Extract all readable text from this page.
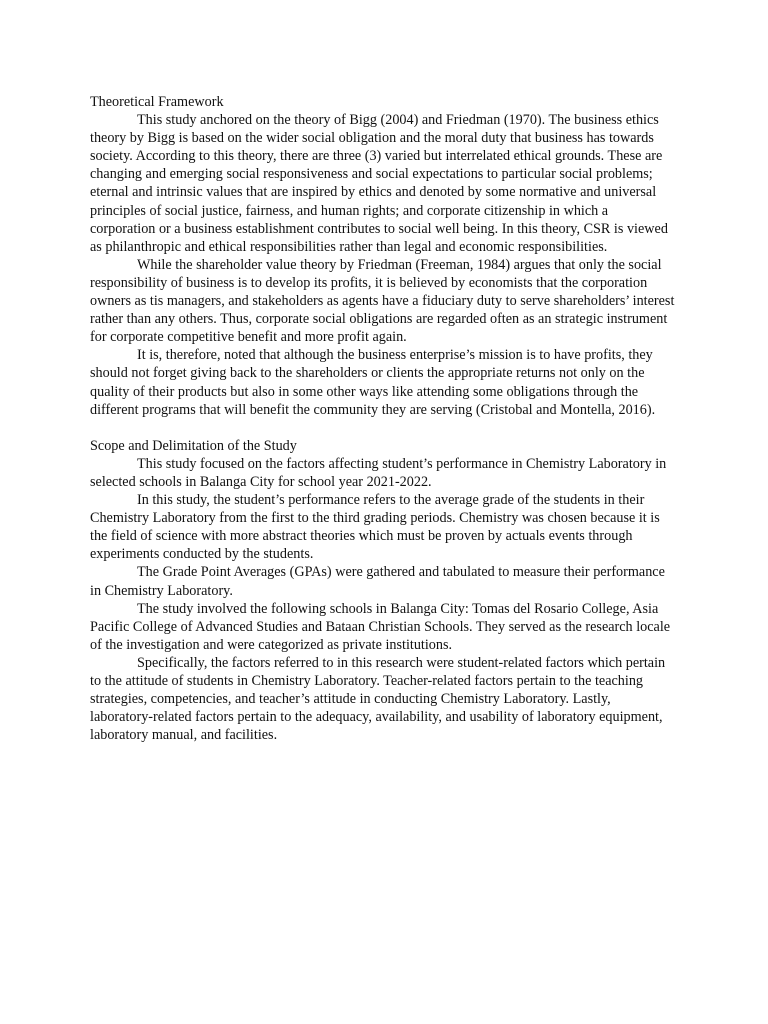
Theoretical Framework

This study anchored on the theory of Bigg (2004) and Friedman (1970). The business ethics theory by Bigg is based on the wider social obligation and the moral duty that business has towards society. According to this theory, there are three (3) varied but interrelated ethical grounds. These are changing and emerging social responsiveness and social expectations to particular social problems; eternal and intrinsic values that are inspired by ethics and denoted by some normative and universal principles of social justice, fairness, and human rights; and corporate citizenship in which a corporation or a business establishment contributes to social well being. In this theory, CSR is viewed as philanthropic and ethical responsibilities rather than legal and economic responsibilities.

While the shareholder value theory by Friedman (Freeman, 1984) argues that only the social responsibility of business is to develop its profits, it is believed by economists that the corporation owners as tis managers, and stakeholders as agents have a fiduciary duty to serve shareholders’ interest rather than any others. Thus, corporate social obligations are regarded often as an strategic instrument for corporate competitive benefit and more profit again.

It is, therefore, noted that although the business enterprise’s mission is to have profits, they should not forget giving back to the shareholders or clients the appropriate returns not only on the quality of their products but also in some other ways like attending some obligations through the different programs that will benefit the community they are serving (Cristobal and Montella, 2016).

Scope and Delimitation of the Study

This study focused on the factors affecting student’s performance in Chemistry Laboratory in selected schools in Balanga City for school year 2021-2022.

In this study, the student’s performance refers to the average grade of the students in their Chemistry Laboratory from the first to the third grading periods. Chemistry was chosen because it is the field of science with more abstract theories which must be proven by actuals events through experiments conducted by the students.

The Grade Point Averages (GPAs) were gathered and tabulated to measure their performance in Chemistry Laboratory.

The study involved the following schools in Balanga City: Tomas del Rosario College, Asia Pacific College of Advanced Studies and Bataan Christian Schools. They served as the research locale of the investigation and were categorized as private institutions.

Specifically, the factors referred to in this research were student-related factors which pertain to the attitude of students in Chemistry Laboratory. Teacher-related factors pertain to the teaching strategies, competencies, and teacher’s attitude in conducting Chemistry Laboratory. Lastly, laboratory-related factors pertain to the adequacy, availability, and usability of laboratory equipment, laboratory manual, and facilities.
